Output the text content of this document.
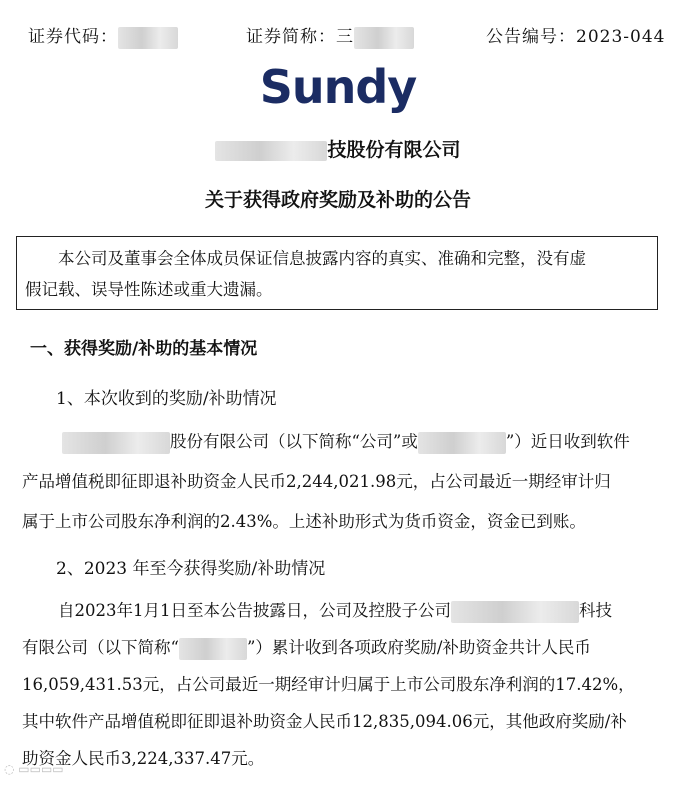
证券代码：	证券简称：三	公告编号：2023-044
Sundy
技股份有限公司
关于获得政府奖励及补助的公告
本公司及董事会全体成员保证信息披露内容的真实、准确和完整，没有虚
假记载、误导性陈述或重大遗漏。
一、获得奖励/补助的基本情况
1、本次收到的奖励/补助情况
股份有限公司（以下简称“公司”或	”）近日收到软件
产品增值税即征即退补助资金人民币2,244,021.98元，占公司最近一期经审计归
属于上市公司股东净利润的2.43%。上述补助形式为货币资金，资金已到账。
2、2023 年至今获得奖励/补助情况
自2023年1月1日至本公告披露日，公司及控股子公司	科技
有限公司（以下简称“	”）累计收到各项政府奖励/补助资金共计人民币
16,059,431.53元，占公司最近一期经审计归属于上市公司股东净利润的17.42%，
其中软件产品增值税即征即退补助资金人民币12,835,094.06元，其他政府奖励/补
助资金人民币3,224,337.47元。
◌ ▭▭▭▭
